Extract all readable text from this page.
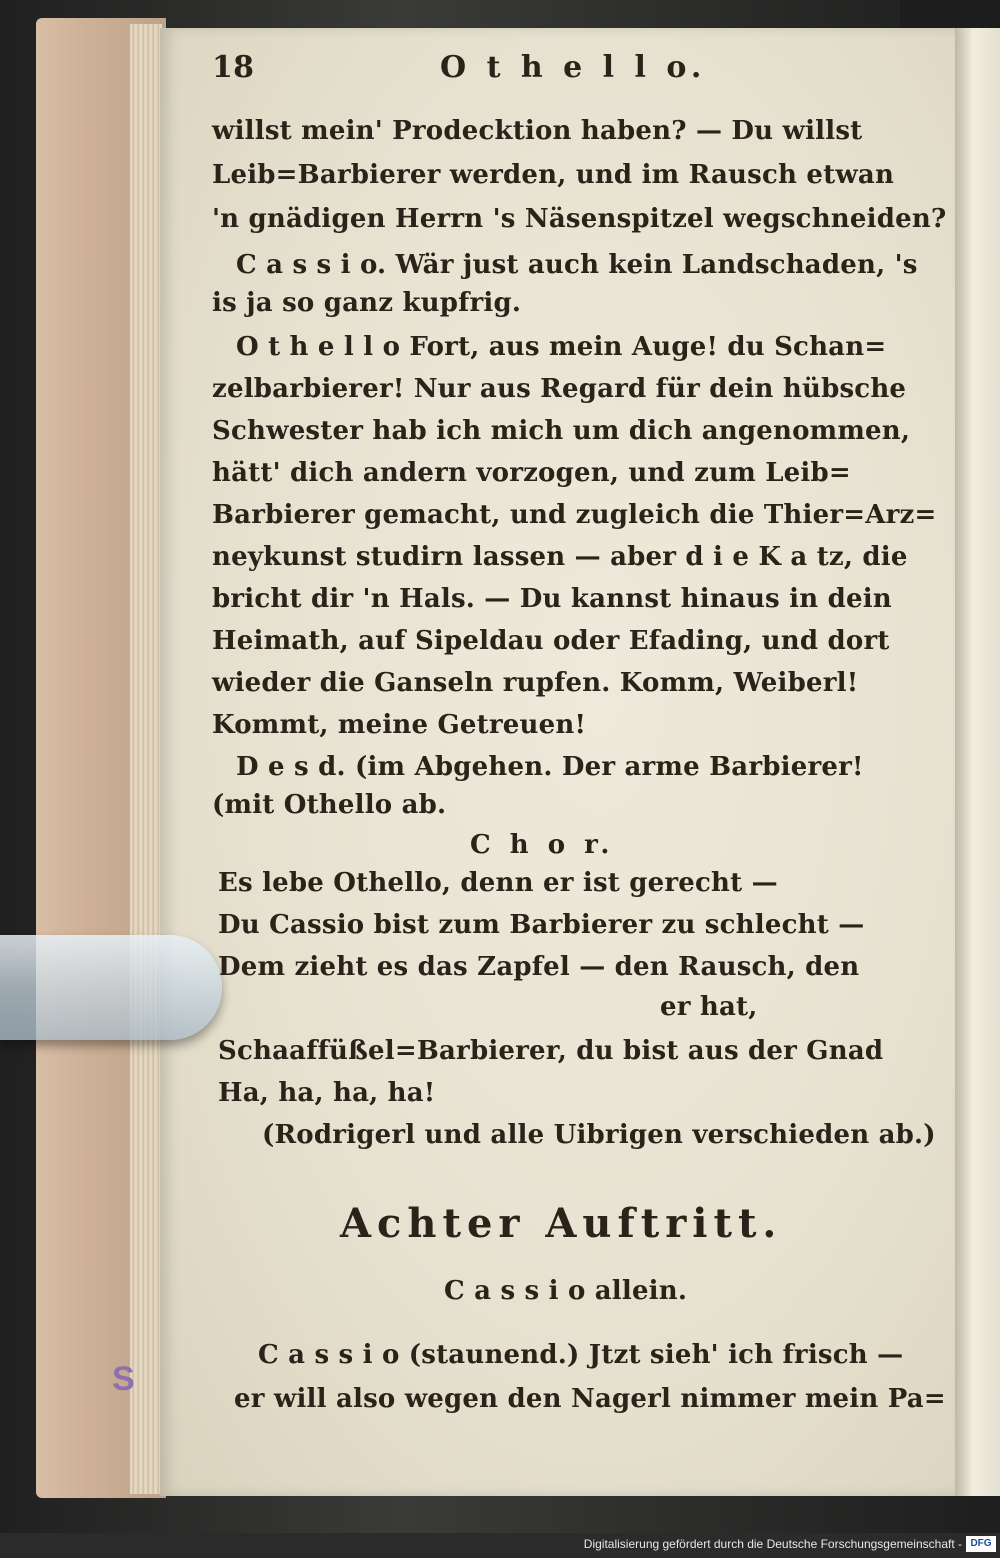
S
18	O t h e l l o.
willst mein' Prodecktion haben? — Du willst
Leib=Barbierer werden, und im Rausch etwan
'n gnädigen Herrn 's Näsenspitzel wegschneiden?
C a s s i o. Wär just auch kein Landschaden, 's
is ja so ganz kupfrig.
O t h e l l o Fort, aus mein Auge! du Schan=
zelbarbierer! Nur aus Regard für dein hübsche
Schwester hab ich mich um dich angenommen,
hätt' dich andern vorzogen, und zum Leib=
Barbierer gemacht, und zugleich die Thier=Arz=
neykunst studirn lassen — aber d i e K a tz, die
bricht dir 'n Hals. — Du kannst hinaus in dein
Heimath, auf Sipeldau oder Efading, und dort
wieder die Ganseln rupfen. Komm, Weiberl!
Kommt, meine Getreuen!
D e s d. (im Abgehen. Der arme Barbierer!
(mit Othello ab.
C h o r.
Es lebe Othello, denn er ist gerecht —
Du Cassio bist zum Barbierer zu schlecht —
Dem zieht es das Zapfel — den Rausch, den
er hat,
Schaaffüßel=Barbierer, du bist aus der Gnad
Ha, ha, ha, ha!
(Rodrigerl und alle Uibrigen verschieden ab.)
Achter Auftritt.
C a s s i o allein.
C a s s i o (staunend.) Jtzt sieh' ich frisch —
er will also wegen den Nagerl nimmer mein Pa=
Digitalisierung gefördert durch die Deutsche Forschungsgemeinschaft - DFG
